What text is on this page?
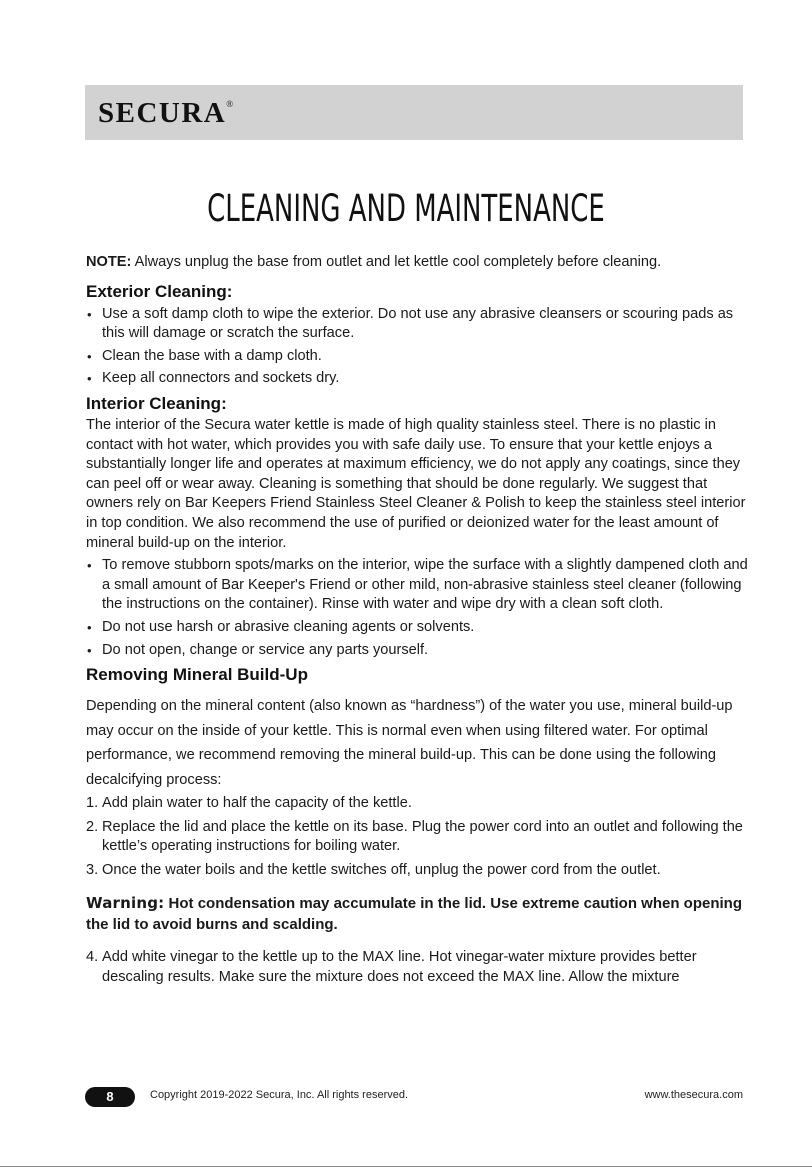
SECURA®
CLEANING AND MAINTENANCE

NOTE: Always unplug the base from outlet and let kettle cool completely before cleaning.

Exterior Cleaning:
• Use a soft damp cloth to wipe the exterior. Do not use any abrasive cleansers or scouring pads as this will damage or scratch the surface.
• Clean the base with a damp cloth.
• Keep all connectors and sockets dry.
Interior Cleaning:

The interior of the Secura water kettle is made of high quality stainless steel. There is no plastic in contact with hot water, which provides you with safe daily use. To ensure that your kettle enjoys a substantially longer life and operates at maximum efficiency, we do not apply any coatings, since they can peel off or wear away. Cleaning is something that should be done regularly. We suggest that owners rely on Bar Keepers Friend Stainless Steel Cleaner & Polish to keep the stainless steel interior in top condition. We also recommend the use of purified or deionized water for the least amount of mineral build-up on the interior.

• To remove stubborn spots/marks on the interior, wipe the surface with a slightly dampened cloth and a small amount of Bar Keeper's Friend or other mild, non-abrasive stainless steel cleaner (following the instructions on the container). Rinse with water and wipe dry with a clean soft cloth.
• Do not use harsh or abrasive cleaning agents or solvents.
• Do not open, change or service any parts yourself.
Removing Mineral Build-Up

Depending on the mineral content (also known as “hardness”) of the water you use, mineral build-up may occur on the inside of your kettle. This is normal even when using filtered water. For optimal performance, we recommend removing the mineral build-up. This can be done using the following decalcifying process:

1. Add plain water to half the capacity of the kettle.
2. Replace the lid and place the kettle on its base. Plug the power cord into an outlet and following the kettle’s operating instructions for boiling water.
3. Once the water boils and the kettle switches off, unplug the power cord from the outlet.

Warning: Hot condensation may accumulate in the lid. Use extreme caution when opening the lid to avoid burns and scalding.

4. Add white vinegar to the kettle up to the MAX line. Hot vinegar-water mixture provides better descaling results. Make sure the mixture does not exceed the MAX line. Allow the mixture
8	Copyright 2019-2022 Secura, Inc. All rights reserved.	www.thesecura.com
